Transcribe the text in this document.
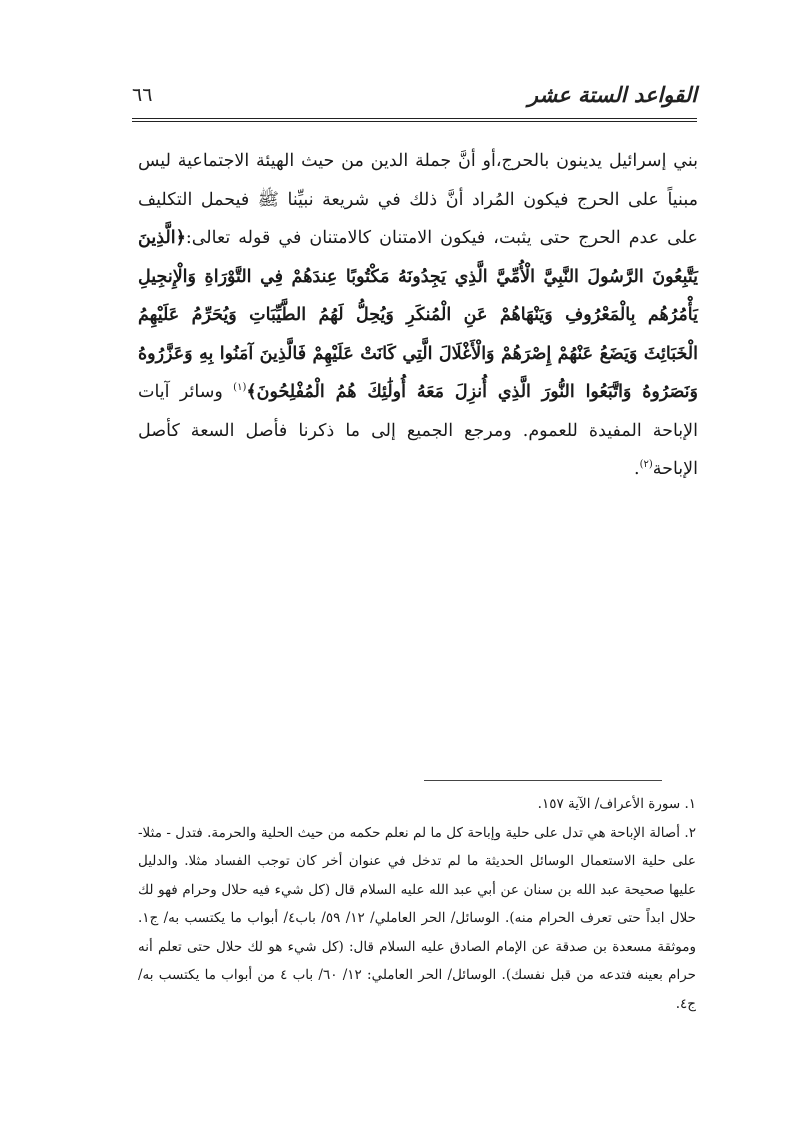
القواعد الستة عشر
٦٦

بني إسرائيل يدينون بالحرج،أو أنَّ جملة الدين من حيث الهيئة الاجتماعية ليس مبنياً على الحرج فيكون المُراد أنَّ ذلك في شريعة نبيِّنا ﷺ فيحمل التكليف على عدم الحرج حتى يثبت، فيكون الامتنان كالامتنان في قوله تعالى:﴿الَّذِينَ يَتَّبِعُونَ الرَّسُولَ النَّبِيَّ الْأُمِّيَّ الَّذِي يَجِدُونَهُ مَكْتُوبًا عِندَهُمْ فِي التَّوْرَاةِ وَالْإِنجِيلِ يَأْمُرُهُم بِالْمَعْرُوفِ وَيَنْهَاهُمْ عَنِ الْمُنكَرِ وَيُحِلُّ لَهُمُ الطَّيِّبَاتِ وَيُحَرِّمُ عَلَيْهِمُ الْخَبَائِثَ وَيَضَعُ عَنْهُمْ إِصْرَهُمْ وَالْأَغْلَالَ الَّتِي كَانَتْ عَلَيْهِمْ فَالَّذِينَ آمَنُوا بِهِ وَعَزَّرُوهُ وَنَصَرُوهُ وَاتَّبَعُوا النُّورَ الَّذِي أُنزِلَ مَعَهُ أُولَٰئِكَ هُمُ الْمُفْلِحُونَ﴾$^{(١)}$ وسائر آيات الإباحة المفيدة للعموم. ومرجع الجميع إلى ما ذكرنا فأصل السعة كأصل الإباحة$^{(٢)}$.

١. سورة الأعراف/ الآية ١٥٧.

٢. أصالة الإباحة هي تدل على حلية وإباحة كل ما لم نعلم حكمه من حيث الحلية والحرمة. فتدل - مثلا- على حلية الاستعمال الوسائل الحديثة ما لم تدخل في عنوان أخر كان توجب الفساد مثلا. والدليل عليها صحيحة عبد الله بن سنان عن أبي عبد الله عليه السلام قال (كل شيء فيه حلال وحرام فهو لك حلال ابداً حتى تعرف الحرام منه). الوسائل/ الحر العاملي/ ١٢/ ٥٩/ باب٤/ أبواب ما يكتسب به/ ج١. وموثقة مسعدة بن صدقة عن الإمام الصادق عليه السلام قال: (كل شيء هو لك حلال حتى تعلم أنه حرام بعينه فتدعه من قبل نفسك). الوسائل/ الحر العاملي: ١٢/ ٦٠/ باب ٤ من أبواب ما يكتسب به/ ج٤.
